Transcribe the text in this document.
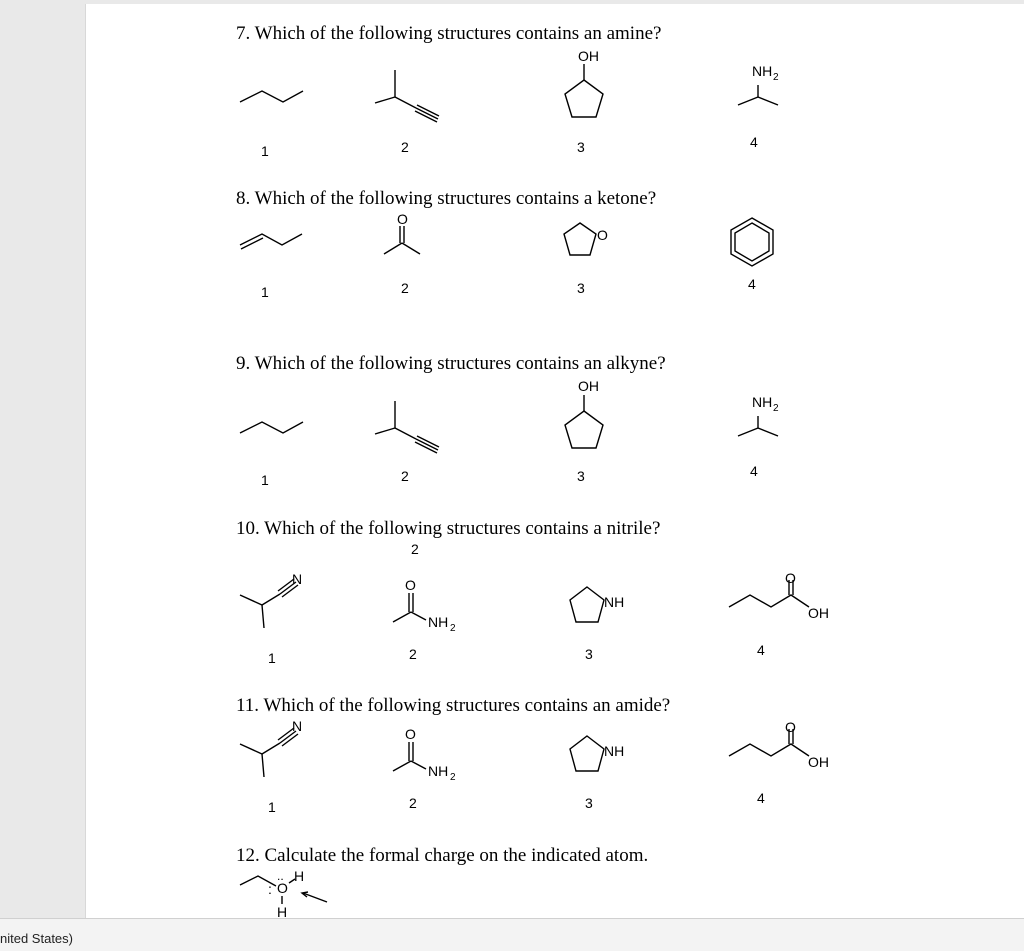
7. Which of the following structures contains an amine?
8. Which of the following structures contains a ketone?
9. Which of the following structures contains an alkyne?
10. Which of the following structures contains a nitrile?
2
11. Which of the following structures contains an amide?
12. Calculate the formal charge on the indicated atom.
1	2	3	4
1	2	3	4
1	2	3	4
1	2	3	4
1	2	3	4
OH
NH 2
O
O
OH
NH 2
N	O
NH 2
NH
O
OH
N	O
NH 2
NH
O
OH
O
..
:
H
H
nited States)
